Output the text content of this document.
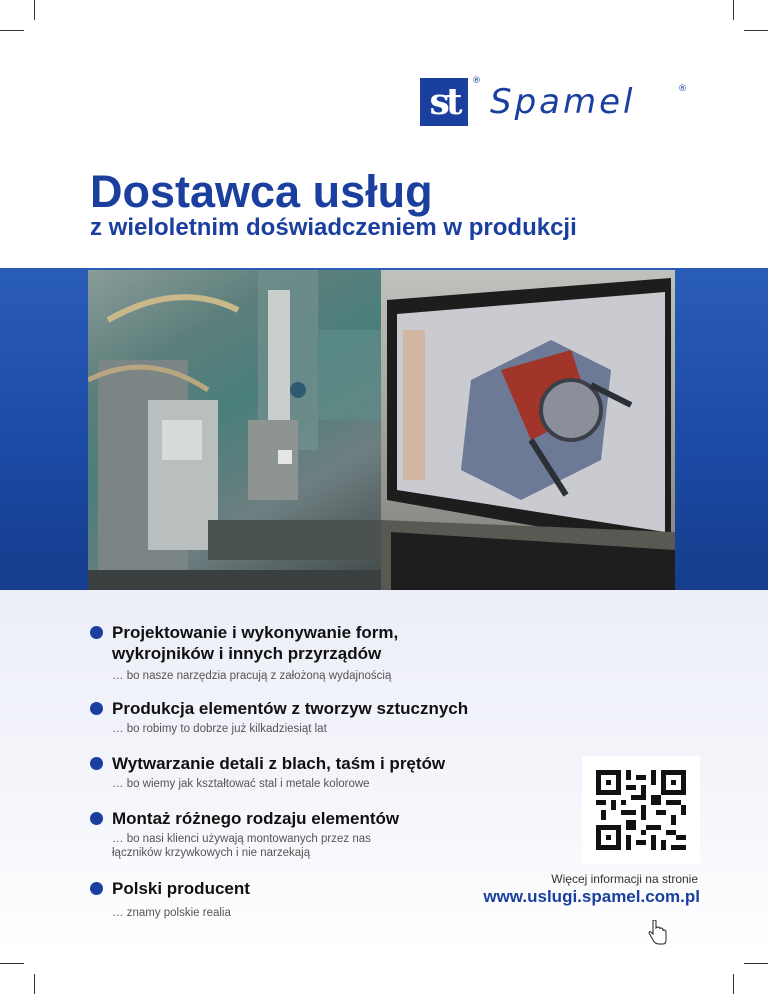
st	®
Spamel	®
Dostawca usług
z wieloletnim doświadczeniem w produkcji
Projektowanie i wykonywanie form,
wykrojników i innych przyrządów
… bo nasze narzędzia pracują z założoną wydajnością
Produkcja elementów z tworzyw sztucznych
… bo robimy to dobrze już kilkadziesiąt lat
Wytwarzanie detali z blach, taśm i prętów
… bo wiemy jak kształtować stal i metale kolorowe
Montaż różnego rodzaju elementów
… bo nasi klienci używają montowanych przez nas
łączników krzywkowych i nie narzekają
Polski producent
… znamy polskie realia
Więcej informacji na stronie
www.uslugi.spamel.com.pl
